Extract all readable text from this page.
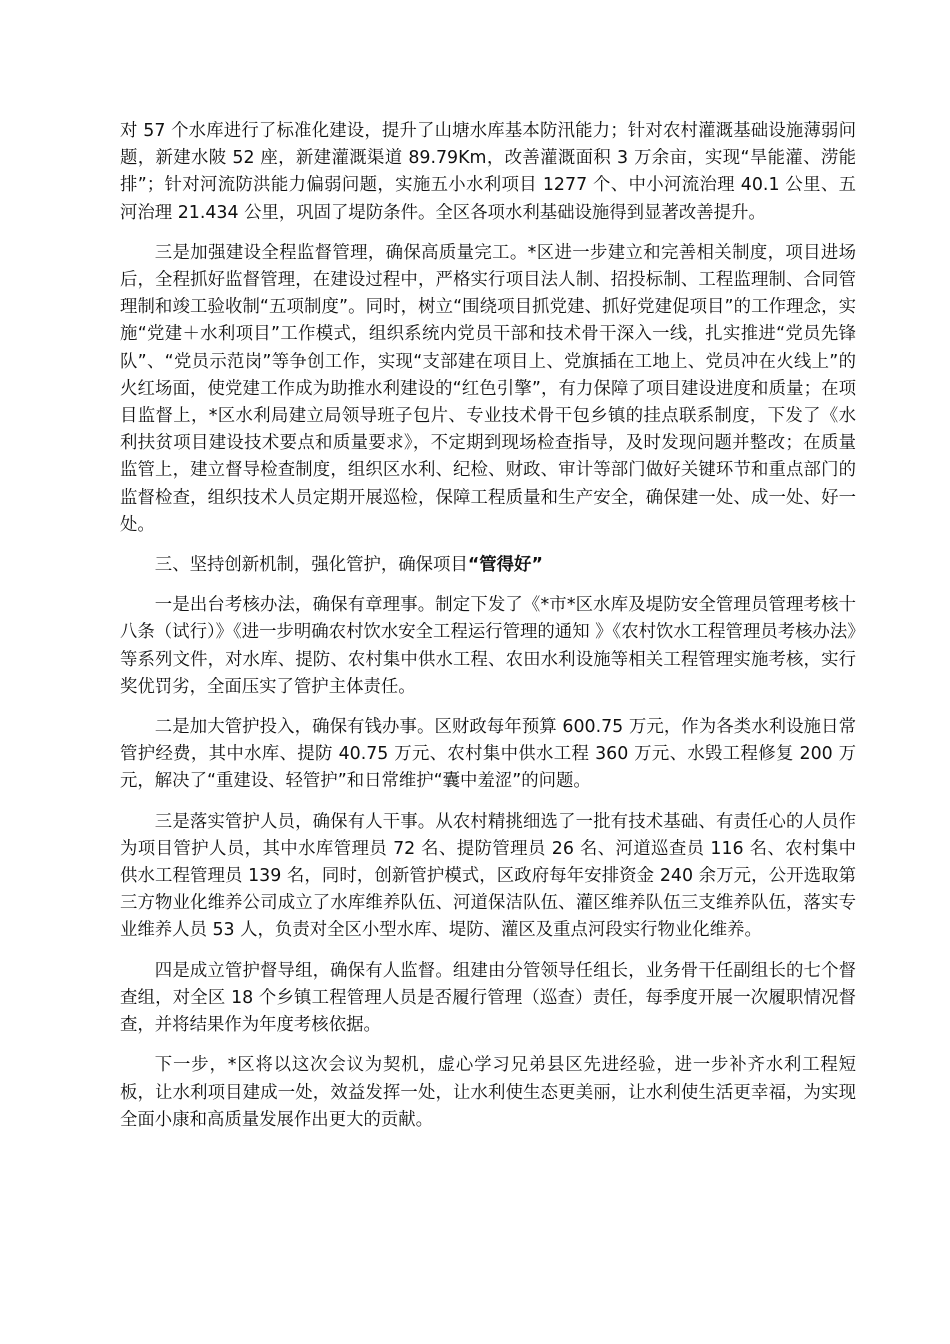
对 57 个水库进行了标准化建设，提升了山塘水库基本防汛能力；针对农村灌溉基础设施薄弱问题，新建水陂 52 座，新建灌溉渠道 89.79Km，改善灌溉面积 3 万余亩，实现“旱能灌、涝能排”；针对河流防洪能力偏弱问题，实施五小水利项目 1277 个、中小河流治理 40.1 公里、五河治理 21.434 公里，巩固了堤防条件。全区各项水利基础设施得到显著改善提升。

三是加强建设全程监督管理，确保高质量完工。*区进一步建立和完善相关制度，项目进场后，全程抓好监督管理，在建设过程中，严格实行项目法人制、招投标制、工程监理制、合同管理制和竣工验收制“五项制度”。同时，树立“围绕项目抓党建、抓好党建促项目”的工作理念，实施“党建＋水利项目”工作模式，组织系统内党员干部和技术骨干深入一线，扎实推进“党员先锋队”、“党员示范岗”等争创工作，实现“支部建在项目上、党旗插在工地上、党员冲在火线上”的火红场面，使党建工作成为助推水利建设的“红色引擎”，有力保障了项目建设进度和质量；在项目监督上，*区水利局建立局领导班子包片、专业技术骨干包乡镇的挂点联系制度，下发了《水利扶贫项目建设技术要点和质量要求》，不定期到现场检查指导，及时发现问题并整改；在质量监管上，建立督导检查制度，组织区水利、纪检、财政、审计等部门做好关键环节和重点部门的监督检查，组织技术人员定期开展巡检，保障工程质量和生产安全，确保建一处、成一处、好一处。

三、坚持创新机制，强化管护，确保项目“管得好”

一是出台考核办法，确保有章理事。制定下发了《*市*区水库及堤防安全管理员管理考核十八条（试行）》《进一步明确农村饮水安全工程运行管理的通知 》《农村饮水工程管理员考核办法》等系列文件，对水库、提防、农村集中供水工程、农田水利设施等相关工程管理实施考核，实行奖优罚劣，全面压实了管护主体责任。

二是加大管护投入，确保有钱办事。区财政每年预算 600.75 万元，作为各类水利设施日常管护经费，其中水库、提防 40.75 万元、农村集中供水工程 360 万元、水毁工程修复 200 万元，解决了“重建设、轻管护”和日常维护“囊中羞涩”的问题。

三是落实管护人员，确保有人干事。从农村精挑细选了一批有技术基础、有责任心的人员作为项目管护人员，其中水库管理员 72 名、提防管理员 26 名、河道巡查员 116 名、农村集中供水工程管理员 139 名，同时，创新管护模式，区政府每年安排资金 240 余万元，公开选取第三方物业化维养公司成立了水库维养队伍、河道保洁队伍、灌区维养队伍三支维养队伍，落实专业维养人员 53 人，负责对全区小型水库、堤防、灌区及重点河段实行物业化维养。

四是成立管护督导组，确保有人监督。组建由分管领导任组长，业务骨干任副组长的七个督查组，对全区 18 个乡镇工程管理人员是否履行管理（巡查）责任，每季度开展一次履职情况督查，并将结果作为年度考核依据。

下一步，*区将以这次会议为契机，虚心学习兄弟县区先进经验，进一步补齐水利工程短板，让水利项目建成一处，效益发挥一处，让水利使生态更美丽，让水利使生活更幸福，为实现全面小康和高质量发展作出更大的贡献。
